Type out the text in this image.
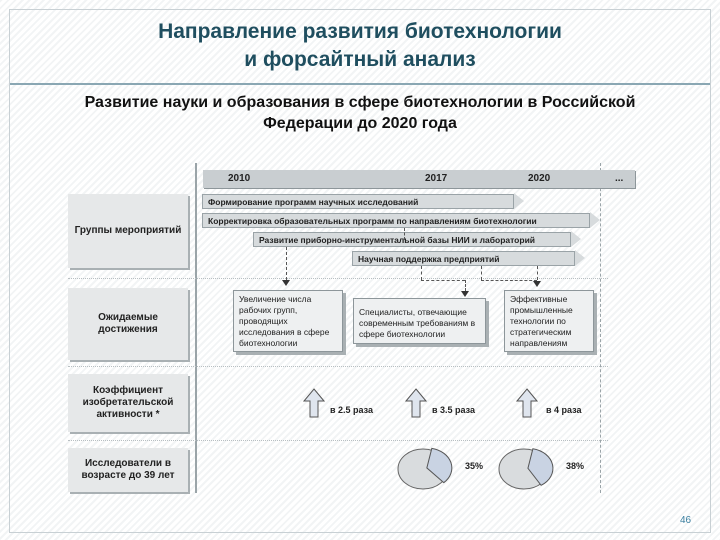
Направление развития биотехнологии
и форсайтный анализ
Развитие науки и образования в сфере биотехнологии в Российской
Федерации до 2020 года
2010	2017	2020	...
Группы мероприятий
Ожидаемые достижения
Коэффициент изобретательской активности *
Исследователи в возрасте до 39 лет
Формирование программ научных исследований
Корректировка образовательных программ по направлениям биотехнологии
Развитие приборно-инструментальной базы НИИ и лабораторий
Научная поддержка предприятий
Увеличение числа рабочих групп, проводящих исследования в сфере биотехнологии
Специалисты, отвечающие современным требованиям в сфере биотехнологии
Эффективные промышленные технологии по стратегическим направлениям
в 2.5 раза	в 3.5 раза	в 4 раза
35%	38%
46
